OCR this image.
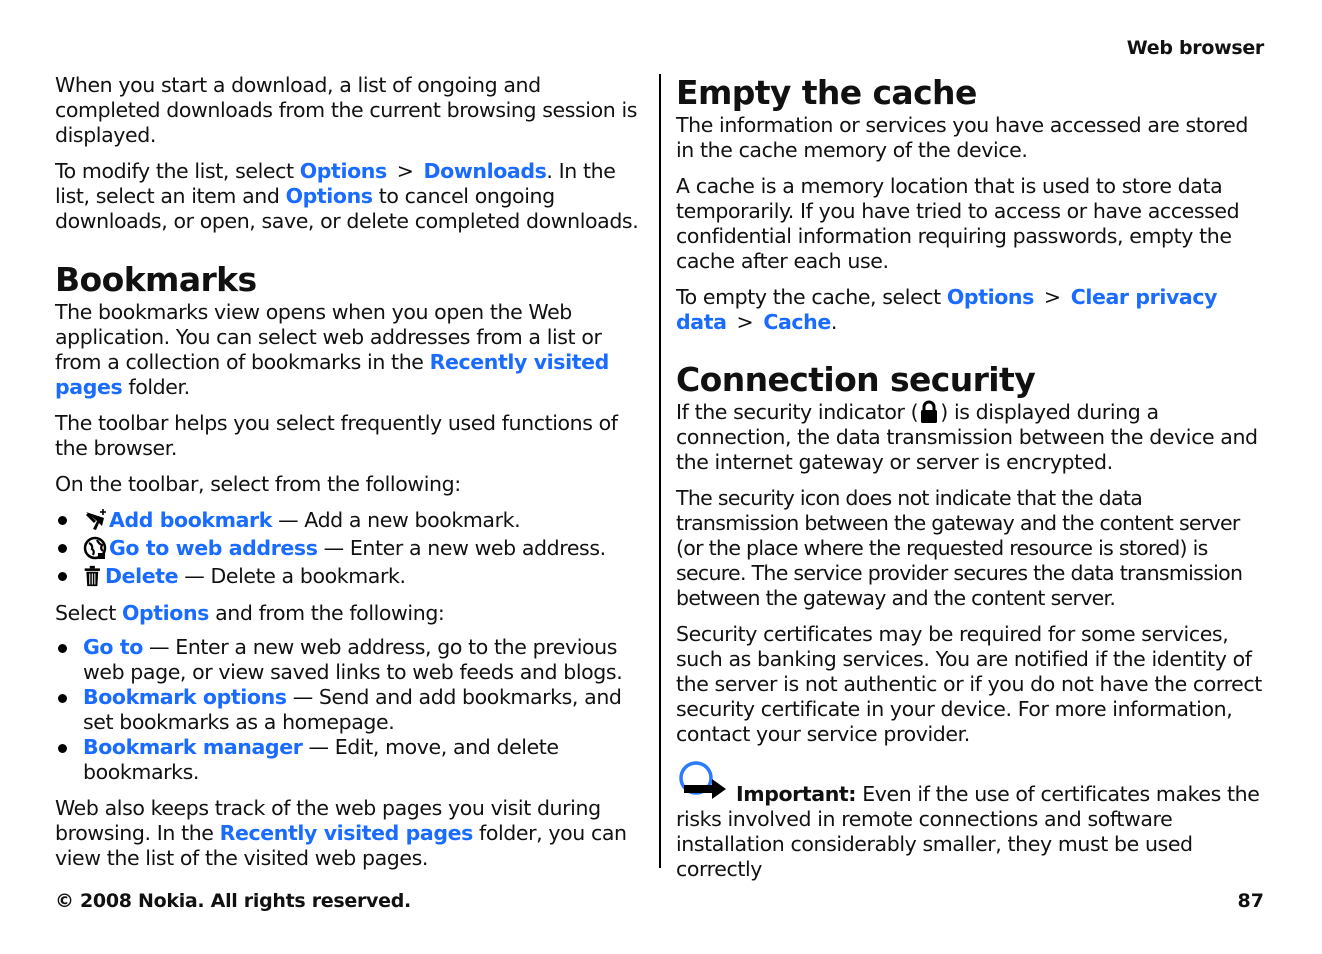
Web browser

When you start a download, a list of ongoing and completed downloads from the current browsing session is displayed.

To modify the list, select Options > Downloads. In the list, select an item and Options to cancel ongoing downloads, or open, save, or delete completed downloads.

Bookmarks

The bookmarks view opens when you open the Web application. You can select web addresses from a list or from a collection of bookmarks in the Recently visited pages folder.

The toolbar helps you select frequently used functions of the browser.

On the toolbar, select from the following:

Add bookmark — Add a new bookmark.
Go to web address — Enter a new web address.
Delete — Delete a bookmark.

Select Options and from the following:

Go to — Enter a new web address, go to the previous web page, or view saved links to web feeds and blogs.
Bookmark options — Send and add bookmarks, and set bookmarks as a homepage.
Bookmark manager — Edit, move, and delete bookmarks.

Web also keeps track of the web pages you visit during browsing. In the Recently visited pages folder, you can view the list of the visited web pages.

Empty the cache

The information or services you have accessed are stored in the cache memory of the device.

A cache is a memory location that is used to store data temporarily. If you have tried to access or have accessed confidential information requiring passwords, empty the cache after each use.

To empty the cache, select Options > Clear privacy data > Cache.

Connection security

If the security indicator ( ) is displayed during a connection, the data transmission between the device and the internet gateway or server is encrypted.

The security icon does not indicate that the data transmission between the gateway and the content server (or the place where the requested resource is stored) is secure. The service provider secures the data transmission between the gateway and the content server.

Security certificates may be required for some services, such as banking services. You are notified if the identity of the server is not authentic or if you do not have the correct security certificate in your device. For more information, contact your service provider.

Important: Even if the use of certificates makes the risks involved in remote connections and software installation considerably smaller, they must be used correctly

© 2008 Nokia. All rights reserved.	87
